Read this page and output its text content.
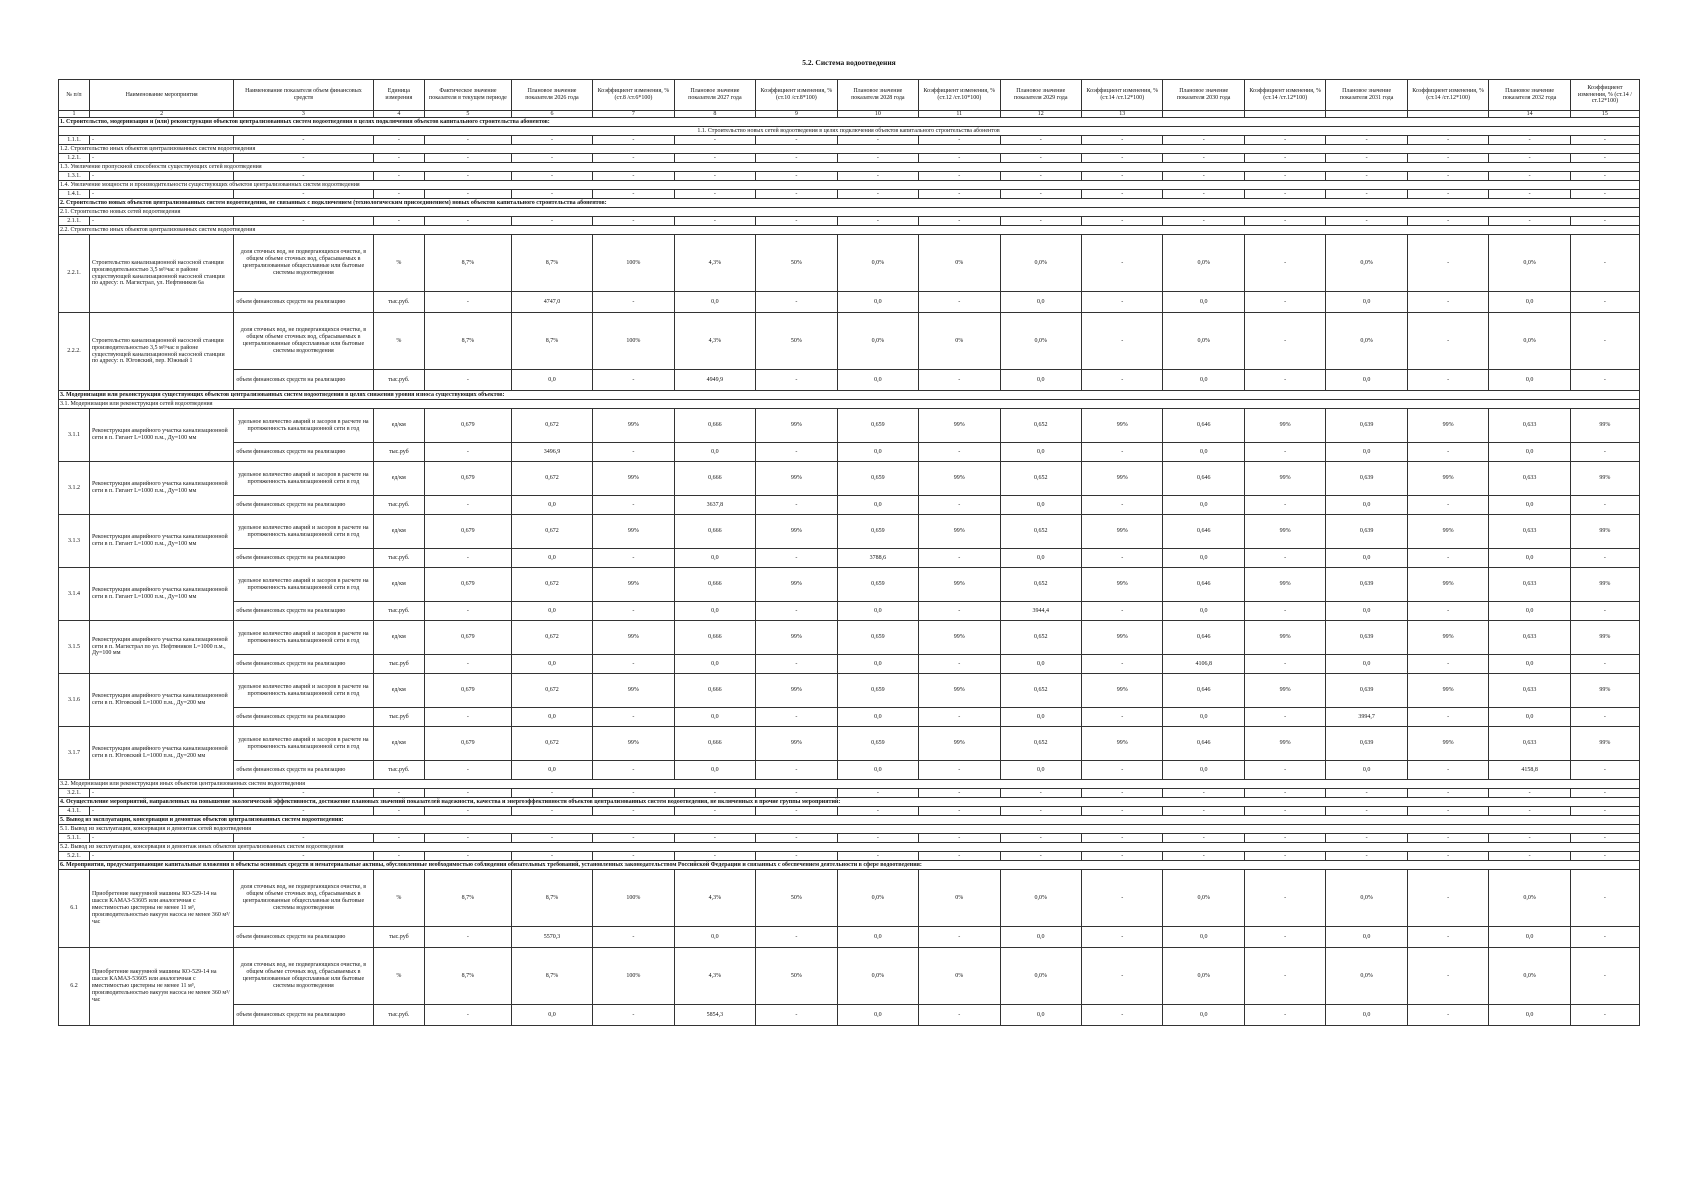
5.2. Система водоотведения
№ п/п	Наименование мероприятия	Наименование показателя объем финансовых средств	Единица измерения	Фактическое значение показателя в текущем периоде	Плановое значение показателя 2026 года	Коэффициент изменения, % (ст.8 /ст.6*100)	Плановое значение показателя 2027 года	Коэффициент изменения, % (ст.10 /ст.8*100)	Плановое значение показателя 2028 года	Коэффициент изменения, % (ст.12 /ст.10*100)	Плановое значение показателя 2029 года	Коэффициент изменения, % (ст.14 /ст.12*100)	Плановое значение показателя 2030 года	Коэффициент изменения, % (ст.14 /ст.12*100)	Плановое значение показателя 2031 года	Коэффициент изменения, % (ст.14 /ст.12*100)	Плановое значение показателя 2032 года	Коэффициент изменения, % (ст.14 /ст.12*100)
1	2	3	4	5	6	7	8	9	10	11	12	13					14	15
1. Строительство, модернизация и (или) реконструкция объектов централизованных систем водоотведения в целях подключения объектов капитального строительства абонентов:																		
1.1. Строительство новых сетей водоотведения в целях подключения объектов капитального строительства абонентов																		
1.1.1.	-	-	-	-	-	-	-	-	-	-	-	-	-	-	-	-	-	-
1.2. Строительство иных объектов централизованных систем водоотведения																		
1.2.1.	-	-	-	-	-	-	-	-	-	-	-	-	-	-	-	-	-	-
1.3. Увеличение пропускной способности существующих сетей водоотведения																		
1.3.1.	-	-	-	-	-	-	-	-	-	-	-	-	-	-	-	-	-	-
1.4. Увеличение мощности и производительности существующих объектов централизованных систем водоотведения																		
1.4.1.	-	-	-	-	-	-	-	-	-	-	-	-	-	-	-	-	-	-
2. Строительство новых объектов централизованных систем водоотведения, не связанных с подключением (технологическим присоединением) новых объектов капитального строительства абонентов:																		
2.1. Строительство новых сетей водоотведения																		
2.1.1.	-	-	-	-	-	-	-	-	-	-	-	-	-	-	-	-	-	-
2.2. Строительство иных объектов централизованных систем водоотведения																		
2.2.1.	Строительство канализационной насосной станции производительностью 3,5 м³/час в районе существующей канализационной насосной станции по адресу: п. Магистрал, ул. Нефтяников 6а	доля сточных вод, не подвергающихся очистке, в общем объеме сточных вод, сбрасываемых в централизованные общесплавные или бытовые системы водоотведения	%	8,7%	8,7%	100%	4,3%	50%	0,0%	0%	0,0%	-	0,0%	-	0,0%	-	0,0%	-
		объем финансовых средств на реализацию	тыс.руб.	-	4747,0	-	0,0	-	0,0	-	0,0	-	0,0	-	0,0	-	0,0	-
2.2.2.	Строительство канализационной насосной станции производительностью 3,5 м³/час в районе существующей канализационной насосной станции по адресу: п. Юговский, пер. Южный 1	доля сточных вод, не подвергающихся очистке, в общем объеме сточных вод, сбрасываемых в централизованные общесплавные или бытовые системы водоотведения	%	8,7%	8,7%	100%	4,3%	50%	0,0%	0%	0,0%	-	0,0%	-	0,0%	-	0,0%	-
		объем финансовых средств на реализацию	тыс.руб.	-	0,0	-	4949,9	-	0,0	-	0,0	-	0,0	-	0,0	-	0,0	-
3. Модернизация или реконструкция существующих объектов централизованных систем водоотведения в целях снижения уровня износа существующих объектов:																		
3.1. Модернизация или реконструкция сетей водоотведения																		
3.1.1	Реконструкция аварийного участка канализационной сети в п. Гигант L=1000 п.м., Ду=100 мм	удельное количество аварий и засоров в расчете на протяженность канализационной сети в год	ед/км	0,679	0,672	99%	0,666	99%	0,659	99%	0,652	99%	0,646	99%	0,639	99%	0,633	99%
		объем финансовых средств на реализацию	тыс.руб	-	3496,9	-	0,0	-	0,0	-	0,0	-	0,0	-	0,0	-	0,0	-
3.1.2	Реконструкция аварийного участка канализационной сети в п. Гигант L=1000 п.м., Ду=100 мм	удельное количество аварий и засоров в расчете на протяженность канализационной сети в год	ед/км	0,679	0,672	99%	0,666	99%	0,659	99%	0,652	99%	0,646	99%	0,639	99%	0,633	99%
		объем финансовых средств на реализацию	тыс.руб.	-	0,0	-	3637,8	-	0,0	-	0,0	-	0,0	-	0,0	-	0,0	-
3.1.3	Реконструкция аварийного участка канализационной сети в п. Гигант L=1000 п.м., Ду=100 мм	удельное количество аварий и засоров в расчете на протяженность канализационной сети в год	ед/км	0,679	0,672	99%	0,666	99%	0,659	99%	0,652	99%	0,646	99%	0,639	99%	0,633	99%
		объем финансовых средств на реализацию	тыс.руб.	-	0,0	-	0,0	-	3788,6	-	0,0	-	0,0	-	0,0	-	0,0	-
3.1.4	Реконструкция аварийного участка канализационной сети в п. Гигант L=1000 п.м., Ду=100 мм	удельное количество аварий и засоров в расчете на протяженность канализационной сети в год	ед/км	0,679	0,672	99%	0,666	99%	0,659	99%	0,652	99%	0,646	99%	0,639	99%	0,633	99%
		объем финансовых средств на реализацию	тыс.руб.	-	0,0	-	0,0	-	0,0	-	3944,4	-	0,0	-	0,0	-	0,0	-
3.1.5	Реконструкция аварийного участка канализационной сети в п. Магистрал по ул. Нефтяников L=1000 п.м., Ду=100 мм	удельное количество аварий и засоров в расчете на протяженность канализационной сети в год	ед/км	0,679	0,672	99%	0,666	99%	0,659	99%	0,652	99%	0,646	99%	0,639	99%	0,633	99%
		объем финансовых средств на реализацию	тыс.руб	-	0,0	-	0,0	-	0,0	-	0,0	-	4106,8	-	0,0	-	0,0	-
3.1.6	Реконструкция аварийного участка канализационной сети в п. Юговский L=1000 п.м., Ду=200 мм	удельное количество аварий и засоров в расчете на протяженность канализационной сети в год	ед/км	0,679	0,672	99%	0,666	99%	0,659	99%	0,652	99%	0,646	99%	0,639	99%	0,633	99%
		объем финансовых средств на реализацию	тыс.руб	-	0,0	-	0,0	-	0,0	-	0,0	-	0,0	-	3994,7	-	0,0	-
3.1.7	Реконструкция аварийного участка канализационной сети в п. Юговский L=1000 п.м., Ду=200 мм	удельное количество аварий и засоров в расчете на протяженность канализационной сети в год	ед/км	0,679	0,672	99%	0,666	99%	0,659	99%	0,652	99%	0,646	99%	0,639	99%	0,633	99%
		объем финансовых средств на реализацию	тыс.руб.	-	0,0	-	0,0	-	0,0	-	0,0	-	0,0	-	0,0	-	4158,8	-
3.2. Модернизация или реконструкция иных объектов централизованных систем водоотведения																		
3.2.1.	-	-	-	-	-	-	-	-	-	-	-	-	-	-	-	-	-	-
4. Осуществление мероприятий, направленных на повышение экологической эффективности, достижение плановых значений показателей надежности, качества и энергоэффективности объектов централизованных систем водоотведения, не включенных в прочие группы мероприятий:																		
4.1.1.	-	-	-	-	-	-	-	-	-	-	-	-	-	-	-	-	-	-
5. Вывод из эксплуатации, консервация и демонтаж объектов централизованных систем водоотведения:																		
5.1. Вывод из эксплуатации, консервация и демонтаж сетей водоотведения																		
5.1.1.	-	-	-	-	-	-	-	-	-	-	-	-	-	-	-	-	-	-
5.2. Вывод из эксплуатации, консервация и демонтаж иных объектов централизованных систем водоотведения																		
5.2.1.	-	-	-	-	-	-	-	-	-	-	-	-	-	-	-	-	-	-
6. Мероприятия, предусматривающие капитальные вложения в объекты основных средств и нематериальные активы, обусловленные необходимостью соблюдения обязательных требований, установленных законодательством Российской Федерации и связанных с обеспечением деятельности в сфере водоотведения:																		
6.1	Приобретение вакуумной машины КО-529-14 на шасси КАМАЗ-53605 или аналогичная с вместимостью цистерны не менее 11 м³, производительностью вакуум насоса не менее 360 м³/час	доля сточных вод, не подвергающихся очистке, в общем объеме сточных вод, сбрасываемых в централизованные общесплавные или бытовые системы водоотведения	%	8,7%	8,7%	100%	4,3%	50%	0,0%	0%	0,0%	-	0,0%	-	0,0%	-	0,0%	-
		объем финансовых средств на реализацию	тыс.руб	-	5570,3	-	0,0	-	0,0	-	0,0	-	0,0	-	0,0	-	0,0	-
6.2	Приобретение вакуумной машины КО-529-14 на шасси КАМАЗ-53605 или аналогичная с вместимостью цистерны не менее 11 м³, производительностью вакуум насоса не менее 360 м³/час	доля сточных вод, не подвергающихся очистке, в общем объеме сточных вод, сбрасываемых в централизованные общесплавные или бытовые системы водоотведения	%	8,7%	8,7%	100%	4,3%	50%	0,0%	0%	0,0%	-	0,0%	-	0,0%	-	0,0%	-
		объем финансовых средств на реализацию	тыс.руб.	-	0,0	-	5854,3	-	0,0	-	0,0	-	0,0	-	0,0	-	0,0	-
